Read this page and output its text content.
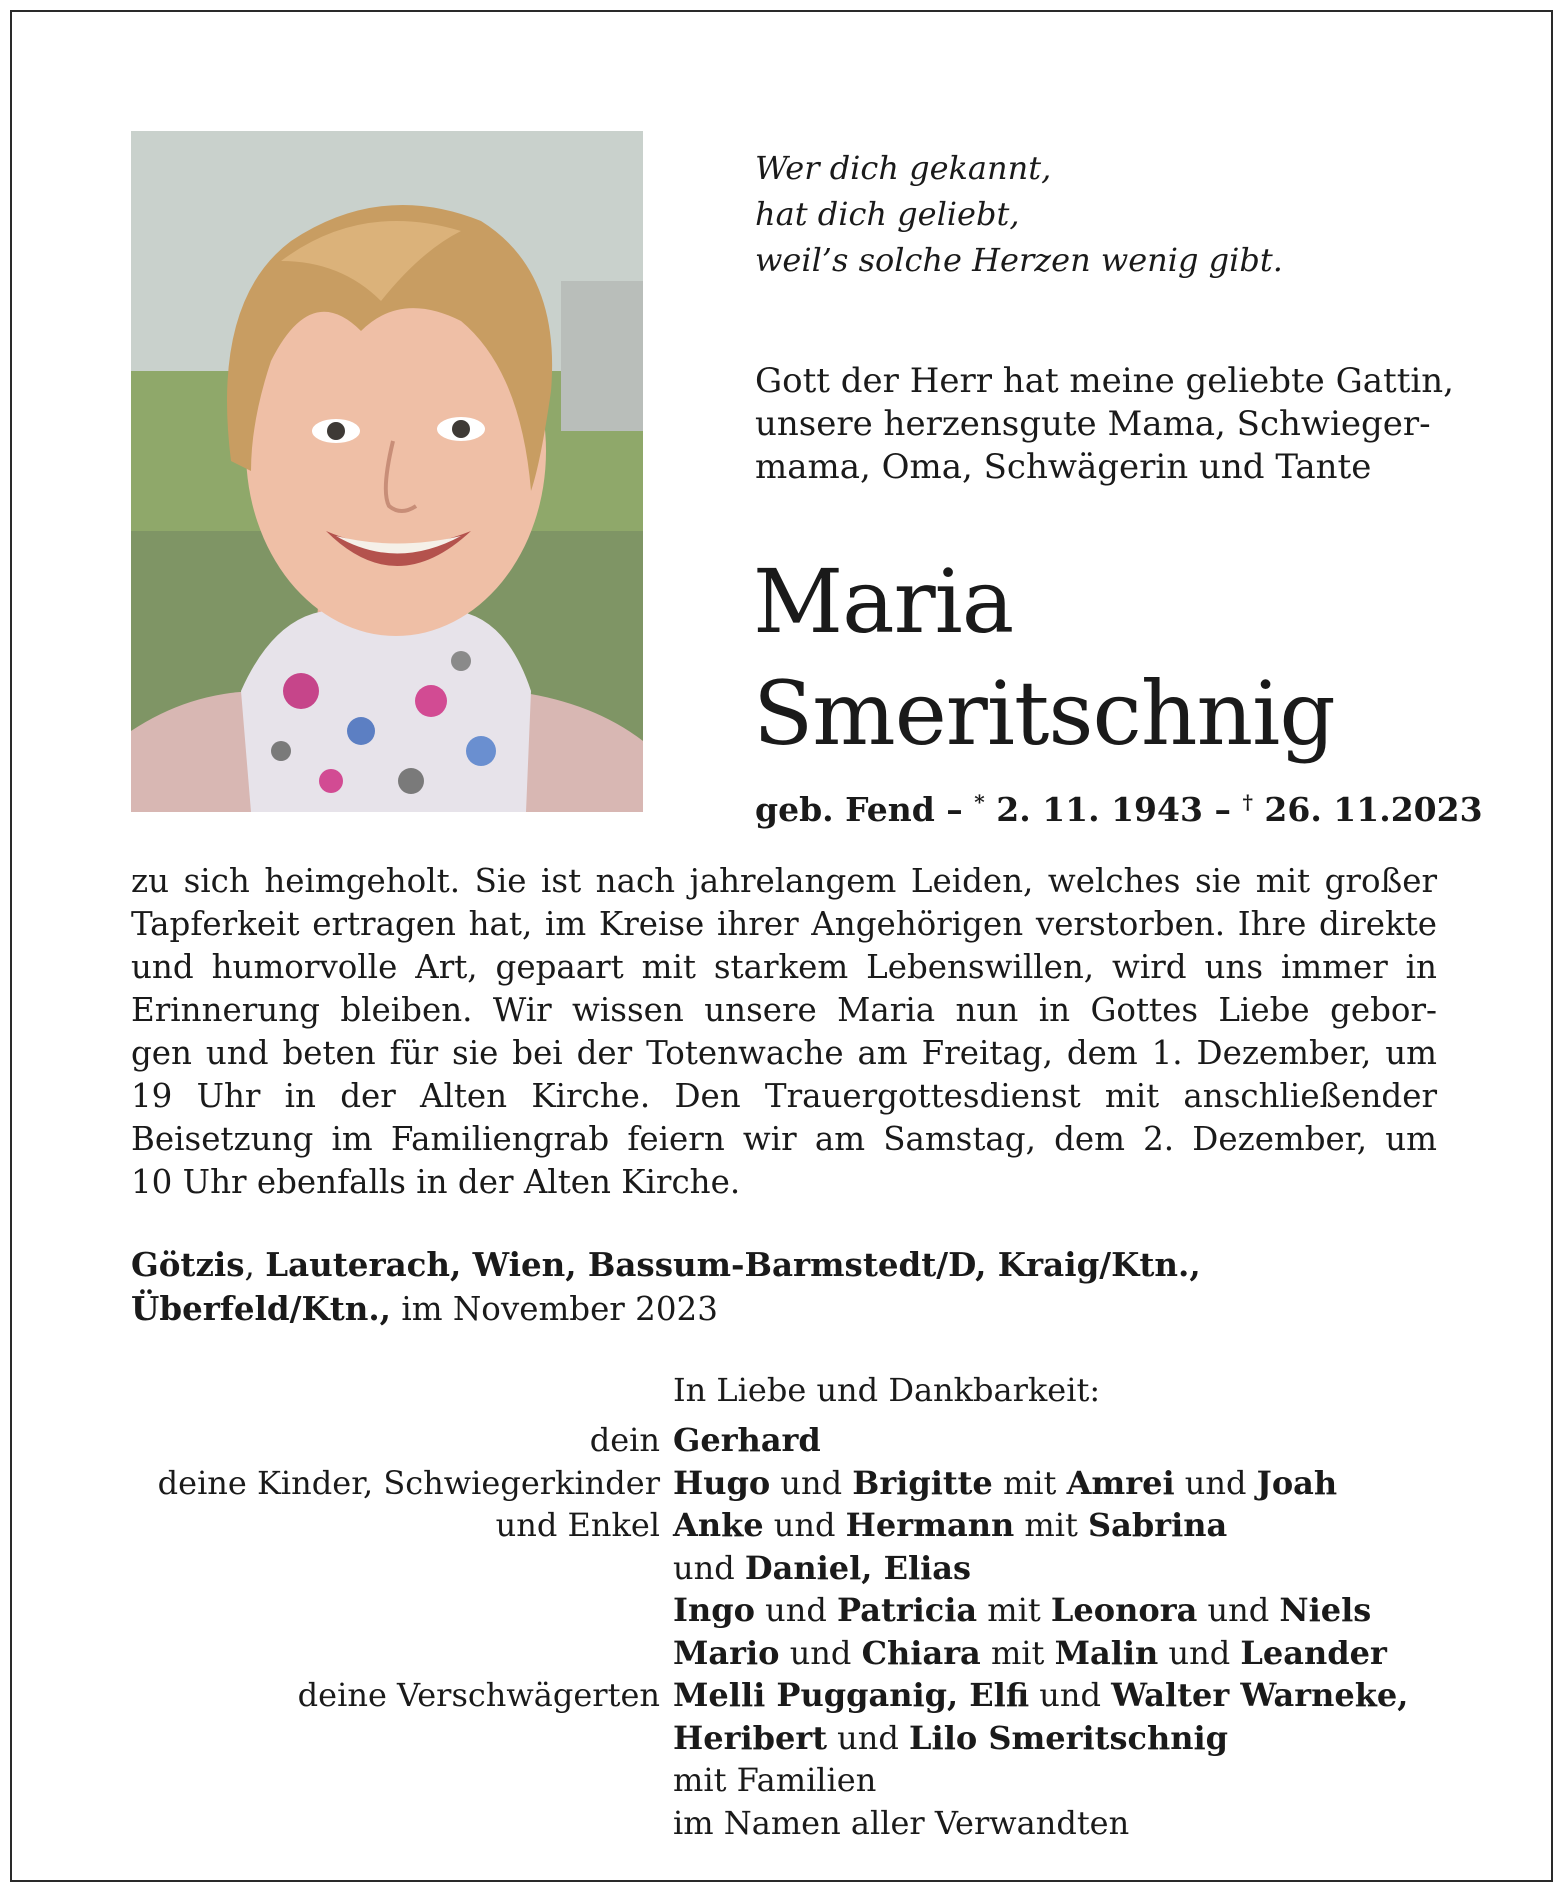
Wer dich gekannt,
hat dich geliebt,
weil’s solche Herzen wenig gibt.
Gott der Herr hat meine geliebte Gattin,
unsere herzensgute Mama, Schwieger-
mama, Oma, Schwägerin und Tante
Maria
Smeritschnig
geb. Fend – * 2. 11. 1943 – † 26. 11.2023
zu sich heimgeholt. Sie ist nach jahrelangem Leiden, welches sie mit großer
Tapferkeit ertragen hat, im Kreise ihrer Angehörigen verstorben. Ihre direkte
und humorvolle Art, gepaart mit starkem Lebenswillen, wird uns immer in
Erinnerung bleiben. Wir wissen unsere Maria nun in Gottes Liebe gebor-
gen und beten für sie bei der Totenwache am Freitag, dem 1. Dezember, um
19 Uhr in der Alten Kirche. Den Trauergottesdienst mit anschließender
Beisetzung im Familiengrab feiern wir am Samstag, dem 2. Dezember, um
10 Uhr ebenfalls in der Alten Kirche.
Götzis, Lauterach, Wien, Bassum-Barmstedt/D, Kraig/Ktn.,
Überfeld/Ktn., im November 2023
In Liebe und Dankbarkeit:
dein Gerhard
deine Kinder, Schwiegerkinder Hugo und Brigitte mit Amrei und Joah
und Enkel Anke und Hermann mit Sabrina
und Daniel, Elias
Ingo und Patricia mit Leonora und Niels
Mario und Chiara mit Malin und Leander
deine Verschwägerten Melli Pugganig, Elfi und Walter Warneke,
Heribert und Lilo Smeritschnig
mit Familien
im Namen aller Verwandten
